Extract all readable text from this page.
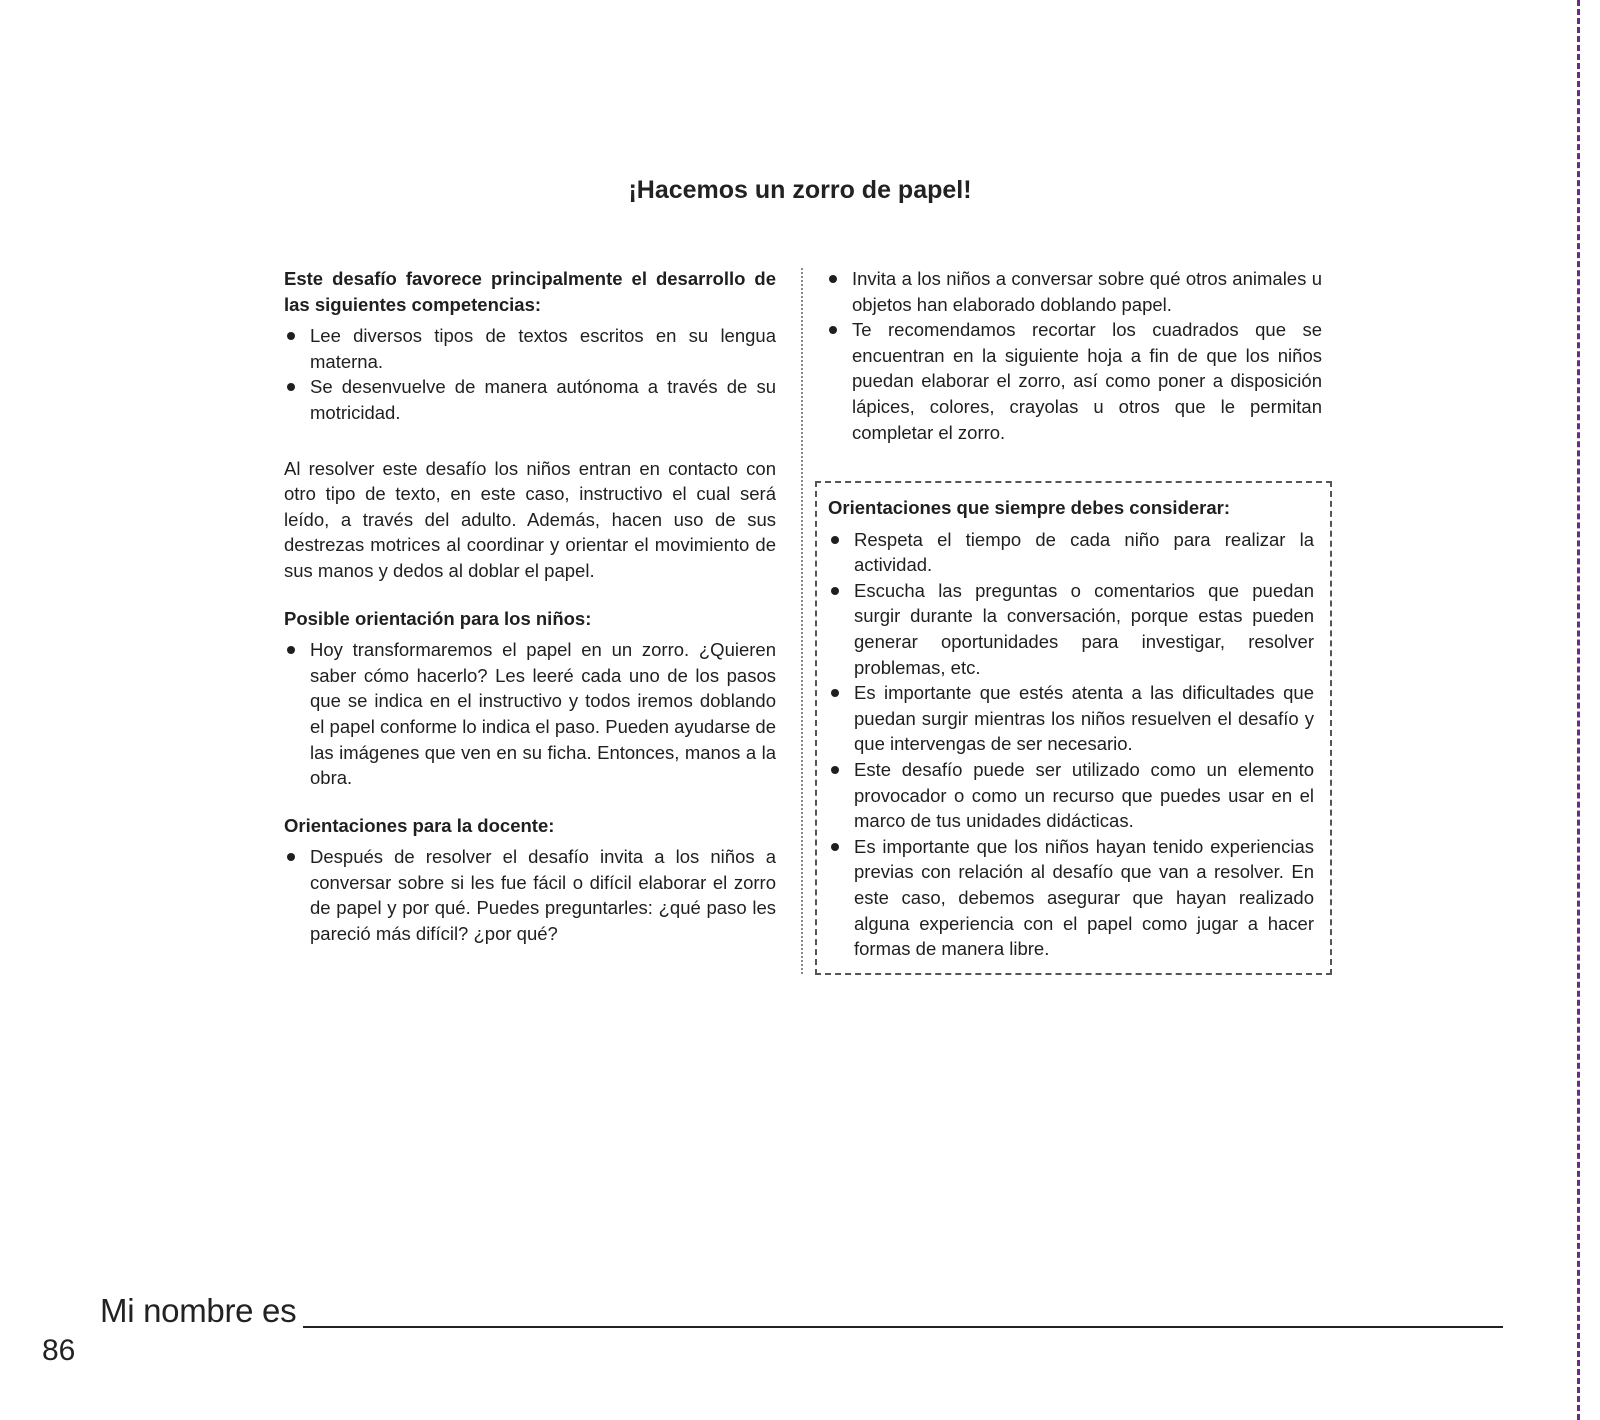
¡Hacemos un zorro de papel!

Este desafío favorece principalmente el desarrollo de las siguientes competencias:

Lee diversos tipos de textos escritos en su lengua materna.
Se desenvuelve de manera autónoma a través de su motricidad.

Al resolver este desafío los niños entran en contacto con otro tipo de texto, en este caso, instructivo el cual será leído, a través del adulto. Además, hacen uso de sus destrezas motrices al coordinar y orientar el movimiento de sus manos y dedos al doblar el papel.

Posible orientación para los niños:

Hoy transformaremos el papel en un zorro. ¿Quieren saber cómo hacerlo? Les leeré cada uno de los pasos que se indica en el instructivo y todos iremos doblando el papel conforme lo indica el paso. Pueden ayudarse de las imágenes que ven en su ficha. Entonces, manos a la obra.

Orientaciones para la docente:

Después de resolver el desafío invita a los niños a conversar sobre si les fue fácil o difícil elaborar el zorro de papel y por qué. Puedes preguntarles: ¿qué paso les pareció más difícil? ¿por qué?
Invita a los niños a conversar sobre qué otros animales u objetos han elaborado doblando papel.
Te recomendamos recortar los cuadrados que se encuentran en la siguiente hoja a fin de que los niños puedan elaborar el zorro, así como poner a disposición lápices, colores, crayolas u otros que le permitan completar el zorro.

Orientaciones que siempre debes considerar:

Respeta el tiempo de cada niño para realizar la actividad.
Escucha las preguntas o comentarios que puedan surgir durante la conversación, porque estas pueden generar oportunidades para investigar, resolver problemas, etc.
Es importante que estés atenta a las dificultades que puedan surgir mientras los niños resuelven el desafío y que intervengas de ser necesario.
Este desafío puede ser utilizado como un elemento provocador o como un recurso que puedes usar en el marco de tus unidades didácticas.
Es importante que los niños hayan tenido experiencias previas con relación al desafío que van a resolver. En este caso, debemos asegurar que hayan realizado alguna experiencia con el papel como jugar a hacer formas de manera libre.
Mi nombre es
86
